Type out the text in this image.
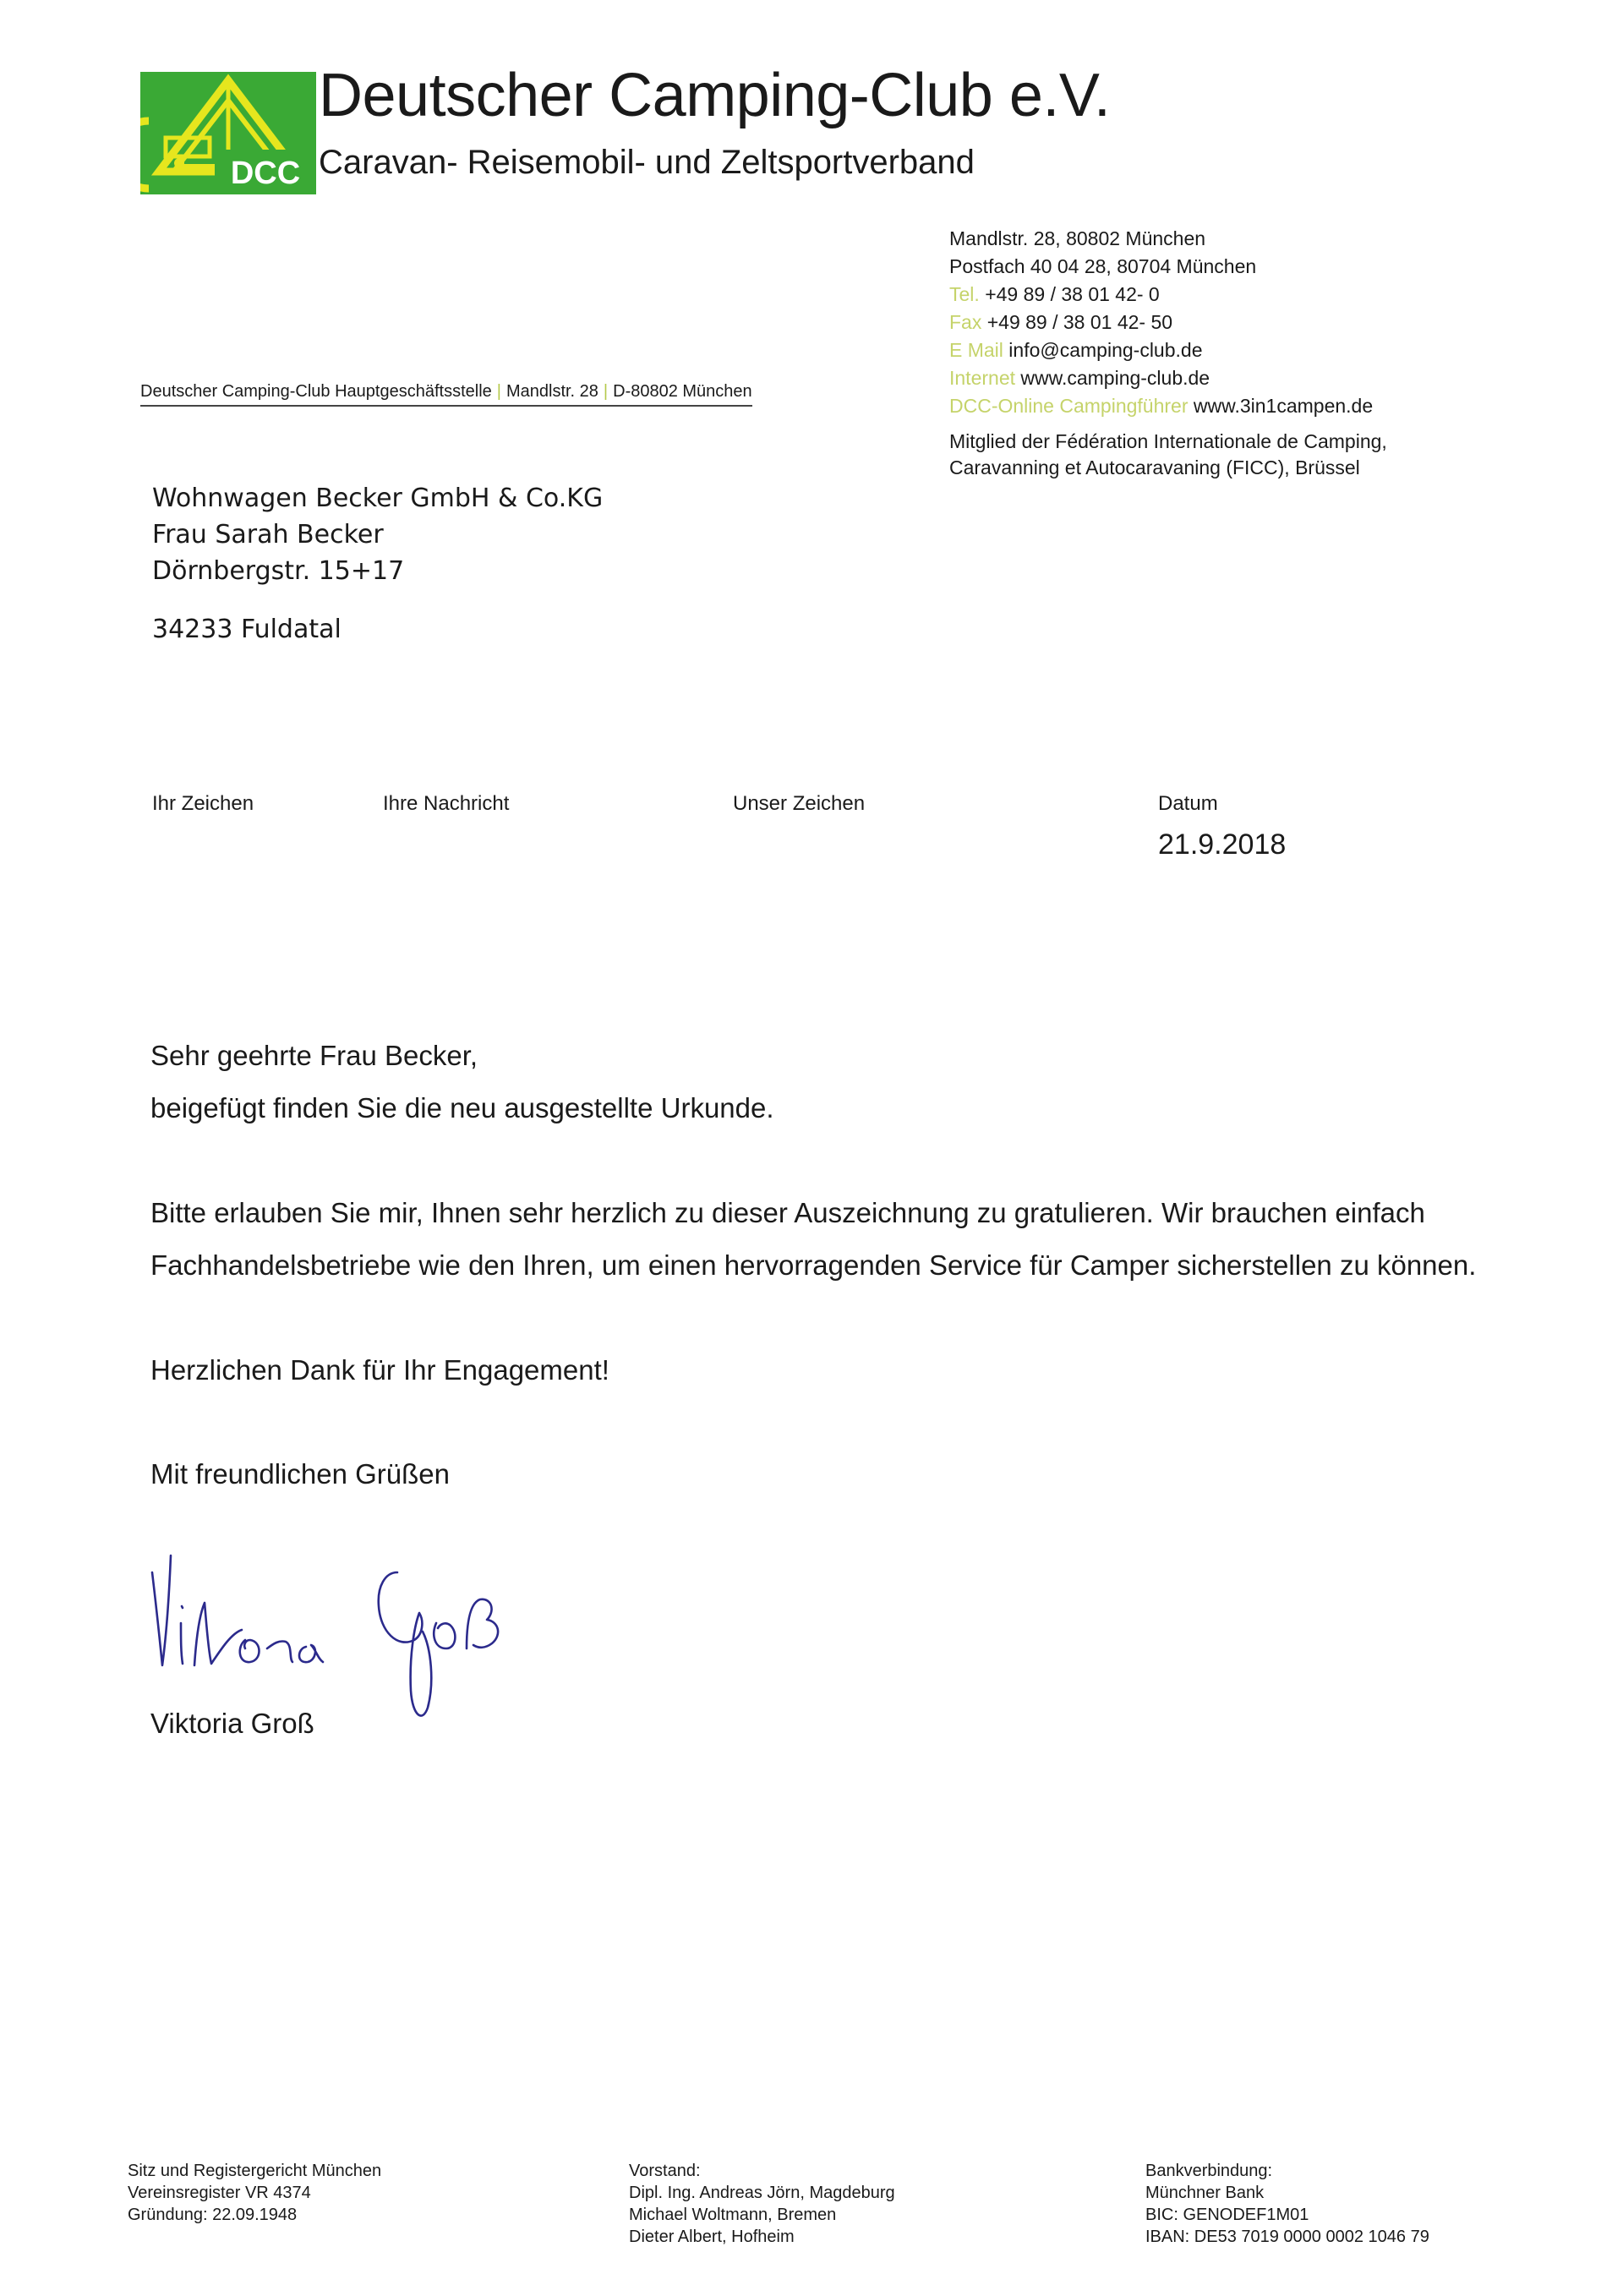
DCC
Deutscher Camping-Club e.V.
Caravan- Reisemobil- und Zeltsportverband
Deutscher Camping-Club Hauptgeschäftsstelle | Mandlstr. 28 | D-80802 München
Mandlstr. 28, 80802 München
Postfach 40 04 28, 80704 München
Tel. +49 89 / 38 01 42- 0
Fax +49 89 / 38 01 42- 50
E Mail info@camping-club.de
Internet www.camping-club.de
DCC-Online Campingführer www.3in1campen.de
Mitglied der Fédération Internationale de Camping,
Caravanning et Autocaravaning (FICC), Brüssel
Wohnwagen Becker GmbH & Co.KG
Frau Sarah Becker
Dörnbergstr. 15+17
34233 Fuldatal
Ihr Zeichen	Ihre Nachricht	Unser Zeichen	Datum
21.9.2018
Sehr geehrte Frau Becker,
beigefügt finden Sie die neu ausgestellte Urkunde.
Bitte erlauben Sie mir, Ihnen sehr herzlich zu dieser Auszeichnung zu gratulieren. Wir brauchen einfach
Fachhandelsbetriebe wie den Ihren, um einen hervorragenden Service für Camper sicherstellen zu können.
Herzlichen Dank für Ihr Engagement!
Mit freundlichen Grüßen
Viktoria Groß
Sitz und Registergericht München
Vereinsregister VR 4374
Gründung: 22.09.1948
Vorstand:
Dipl. Ing. Andreas Jörn, Magdeburg
Michael Woltmann, Bremen
Dieter Albert, Hofheim
Bankverbindung:
Münchner Bank
BIC: GENODEF1M01
IBAN: DE53 7019 0000 0002 1046 79
